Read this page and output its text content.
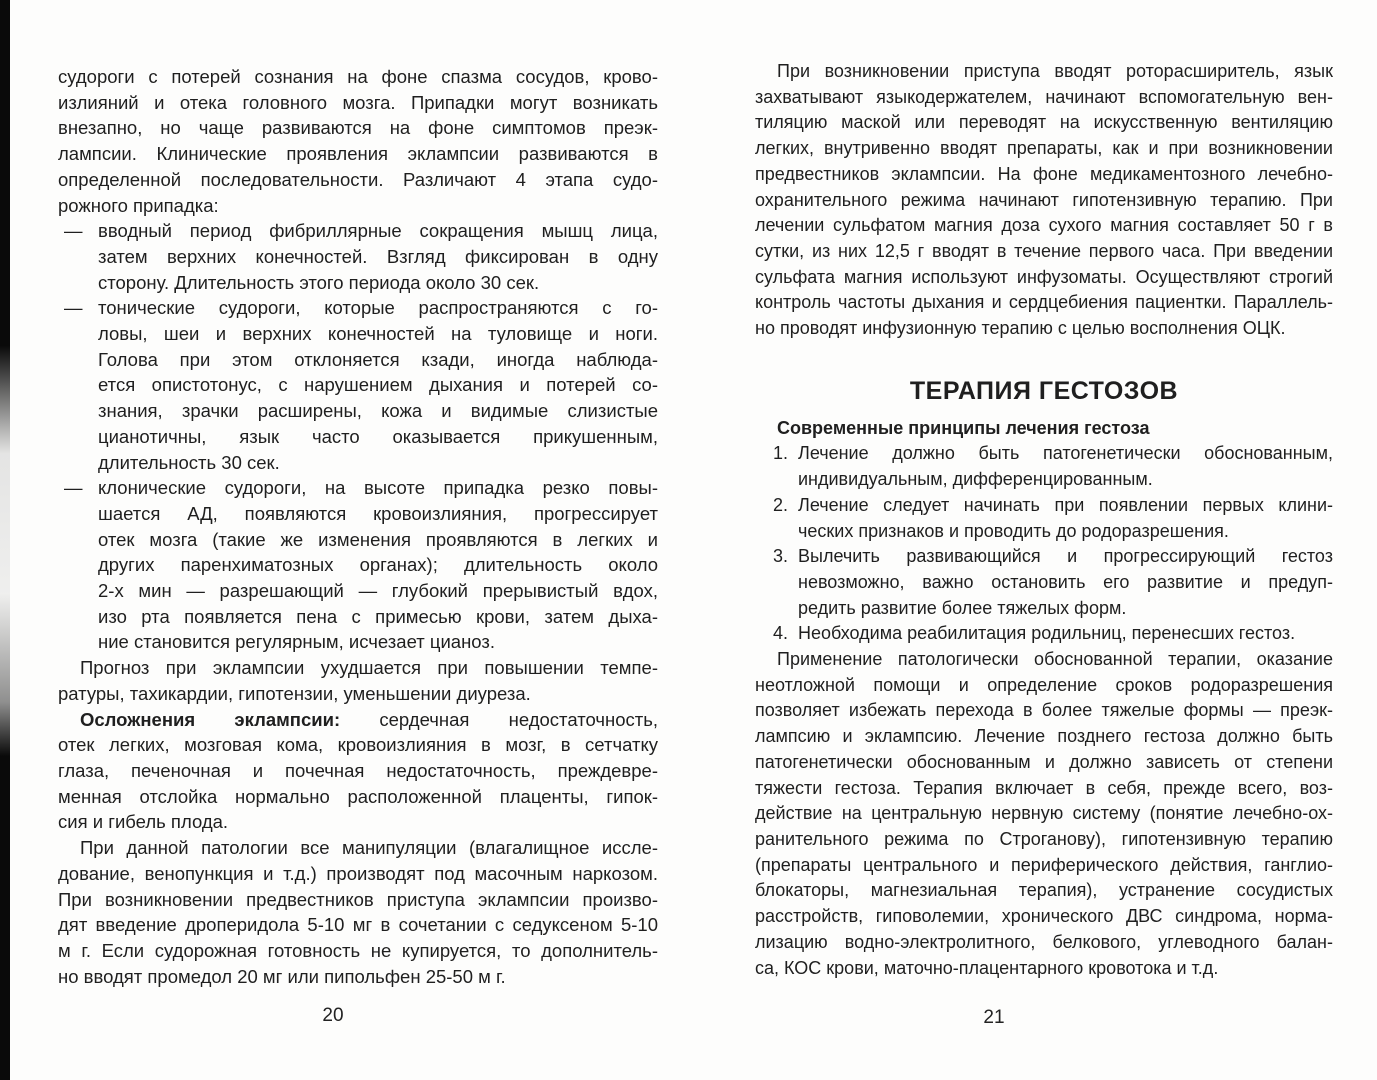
судороги с потерей сознания на фоне спазма сосудов, крово-
излияний и отека головного мозга. Припадки могут возникать
внезапно, но чаще развиваются на фоне симптомов преэк-
лампсии. Клинические проявления эклампсии развиваются в
определенной последовательности. Различают 4 этапа судо-
рожного припадка:
— вводный период фибриллярные сокращения мышц лица,
затем верхних конечностей. Взгляд фиксирован в одну
сторону. Длительность этого периода около 30 сек.
— тонические судороги, которые распространяются с го-
ловы, шеи и верхних конечностей на туловище и ноги.
Голова при этом отклоняется кзади, иногда наблюда-
ется опистотонус, с нарушением дыхания и потерей со-
знания, зрачки расширены, кожа и видимые слизистые
цианотичны, язык часто оказывается прикушенным,
длительность 30 сек.
— клонические судороги, на высоте припадка резко повы-
шается АД, появляются кровоизлияния, прогрессирует
отек мозга (такие же изменения проявляются в легких и
других паренхиматозных органах); длительность около
2-х мин — разрешающий — глубокий прерывистый вдох,
изо рта появляется пена с примесью крови, затем дыха-
ние становится регулярным, исчезает цианоз.
Прогноз при эклампсии ухудшается при повышении темпе-
ратуры, тахикардии, гипотензии, уменьшении диуреза.
Осложнения эклампсии: сердечная недостаточность,
отек легких, мозговая кома, кровоизлияния в мозг, в сетчатку
глаза, печеночная и почечная недостаточность, преждевре-
менная отслойка нормально расположенной плаценты, гипок-
сия и гибель плода.
При данной патологии все манипуляции (влагалищное иссле-
дование, венопункция и т.д.) производят под масочным наркозом.
При возникновении предвестников приступа эклампсии произво-
дят введение дроперидола 5-10 мг в сочетании с седуксеном 5-10
м г. Если судорожная готовность не купируется, то дополнитель-
но вводят промедол 20 мг или пипольфен 25-50 м г.
При возникновении приступа вводят роторасширитель, язык
захватывают языкодержателем, начинают вспомогательную вен-
тиляцию маской или переводят на искусственную вентиляцию
легких, внутривенно вводят препараты, как и при возникновении
предвестников эклампсии. На фоне медикаментозного лечебно-
охранительного режима начинают гипотензивную терапию. При
лечении сульфатом магния доза сухого магния составляет 50 г в
сутки, из них 12,5 г вводят в течение первого часа. При введении
сульфата магния используют инфузоматы. Осуществляют строгий
контроль частоты дыхания и сердцебиения пациентки. Параллель-
но проводят инфузионную терапию с целью восполнения ОЦК.
ТЕРАПИЯ ГЕСТОЗОВ
Современные принципы лечения гестоза
1. Лечение должно быть патогенетически обоснованным,
индивидуальным, дифференцированным.
2. Лечение следует начинать при появлении первых клини-
ческих признаков и проводить до родоразрешения.
3. Вылечить развивающийся и прогрессирующий гестоз
невозможно, важно остановить его развитие и предуп-
редить развитие более тяжелых форм.
4. Необходима реабилитация родильниц, перенесших гестоз.
Применение патологически обоснованной терапии, оказание
неотложной помощи и определение сроков родоразрешения
позволяет избежать перехода в более тяжелые формы — преэк-
лампсию и эклампсию. Лечение позднего гестоза должно быть
патогенетически обоснованным и должно зависеть от степени
тяжести гестоза. Терапия включает в себя, прежде всего, воз-
действие на центральную нервную систему (понятие лечебно-ох-
ранительного режима по Строганову), гипотензивную терапию
(препараты центрального и периферического действия, ганглио-
блокаторы, магнезиальная терапия), устранение сосудистых
расстройств, гиповолемии, хронического ДВС синдрома, норма-
лизацию водно-электролитного, белкового, углеводного балан-
са, КОС крови, маточно-плацентарного кровотока и т.д.
20	21
